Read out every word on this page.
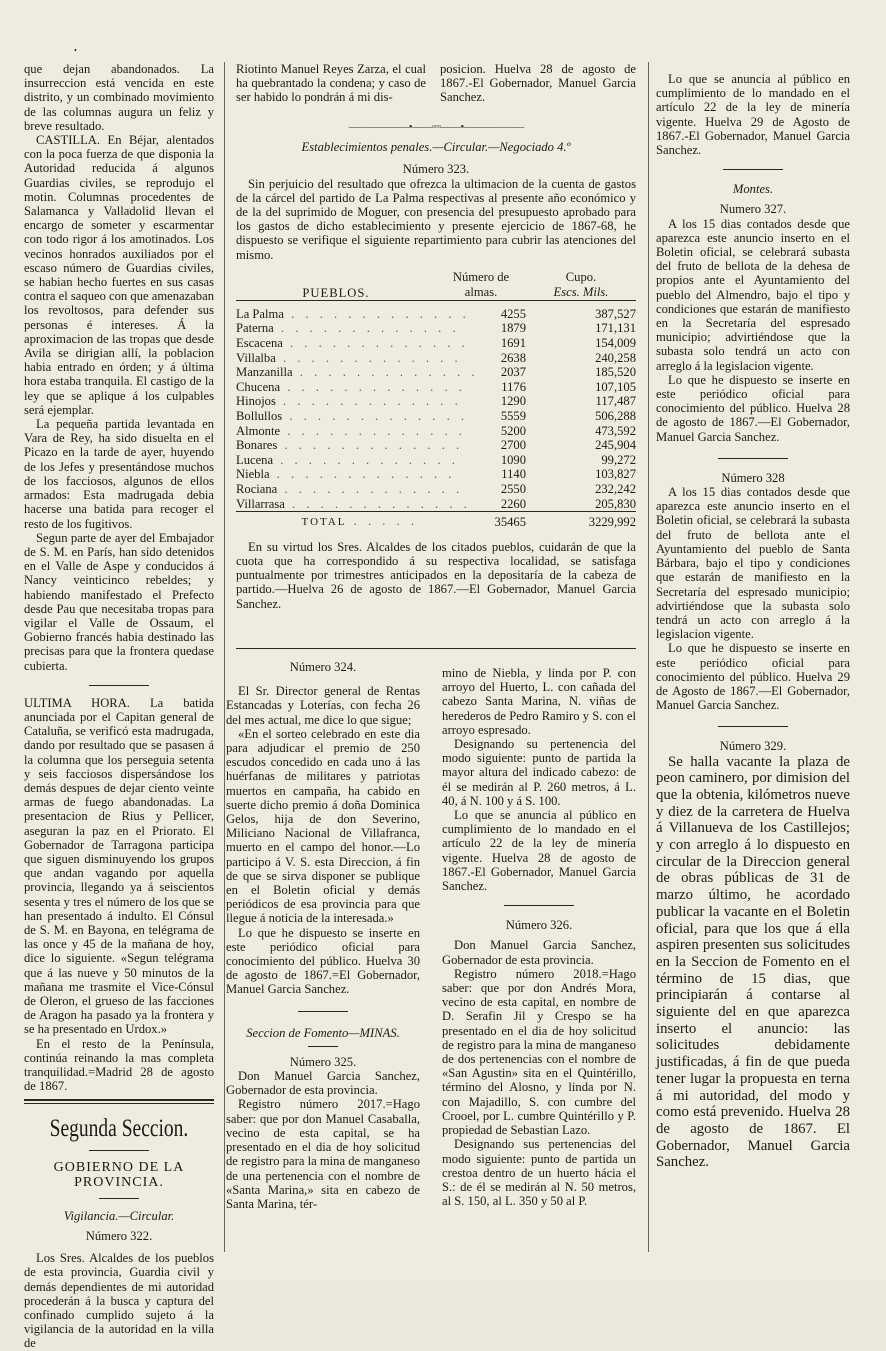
•

que dejan abandonados. La insurreccion está vencida en este distrito, y un combinado movimiento de las columnas augura un feliz y breve resultado.

CASTILLA. En Béjar, alentados con la poca fuerza de que disponia la Autoridad reducida á algunos Guardias civiles, se reprodujo el motin. Columnas procedentes de Salamanca y Valladolid llevan el encargo de someter y escarmentar con todo rigor á los amotinados. Los vecinos honrados auxiliados por el escaso número de Guardias civiles, se habian hecho fuertes en sus casas contra el saqueo con que amenazaban los revoltosos, para defender sus personas é intereses. Á la aproximacion de las tropas que desde Avila se dirigian allí, la poblacion habia entrado en órden; y á última hora estaba tranquila. El castigo de la ley que se aplique á los culpables será ejemplar.

La pequeña partida levantada en Vara de Rey, ha sido disuelta en el Picazo en la tarde de ayer, huyendo de los Jefes y presentándose muchos de los facciosos, algunos de ellos armados: Esta madrugada debia hacerse una batida para recoger el resto de los fugitivos.

Segun parte de ayer del Embajador de S. M. en París, han sido detenidos en el Valle de Aspe y conducidos á Nancy veinticinco rebeldes; y habiendo manifestado el Prefecto desde Pau que necesitaba tropas para vigilar el Valle de Ossaum, el Gobierno francés habia destinado las precisas para que la frontera quedase cubierta.

ULTIMA HORA. La batida anunciada por el Capitan general de Cataluña, se verificó esta madrugada, dando por resultado que se pasasen á la columna que los perseguia setenta y seis facciosos dispersándose los demás despues de dejar ciento veinte armas de fuego abandonadas. La presentacion de Rius y Pellicer, aseguran la paz en el Priorato. El Gobernador de Tarragona participa que siguen disminuyendo los grupos que andan vagando por aquella provincia, llegando ya á seiscientos sesenta y tres el número de los que se han presentado á indulto. El Cónsul de S. M. en Bayona, en telégrama de las once y 45 de la mañana de hoy, dice lo siguiente. «Segun telégrama que á las nueve y 50 minutos de la mañana me trasmite el Vice-Cónsul de Oleron, el grueso de las facciones de Aragon ha pasado ya la frontera y se ha presentado en Urdox.»

En el resto de la Península, continúa reinando la mas completa tranquilidad.=Madrid 28 de agosto de 1867.

Segunda Seccion.
GOBIERNO DE LA PROVINCIA.

Vigilancia.—Circular.

Número 322.

Los Sres. Alcaldes de los pueblos de esta provincia, Guardia civil y demás dependientes de mi autoridad procederán á la busca y captura del confinado cumplido sujeto á la vigilancia de la autoridad en la villa de

Riotinto Manuel Reyes Zarza, el cual ha quebrantado la condena; y caso de ser habido lo pondrán á mi dis-

posicion. Huelva 28 de agosto de 1867.-El Gobernador, Manuel Garcia Sanchez.

——————•——◦◦◦——•——————

Establecimientos penales.—Circular.—Negociado 4.º

Número 323.

Sin perjuicio del resultado que ofrezca la ultimacion de la cuenta de gastos de la cárcel del partido de La Palma respectivas al presente año económico y de la del suprimido de Moguer, con presencia del presupuesto aprobado para los gastos de dicho establecimiento y presente ejercicio de 1867-68, he dispuesto se verifique el siguiente repartimiento para cubrir las atenciones del mismo.

PUEBLOS.	Número de almas.	Cupo.
Escs. Mils.

La Palma . . . . . . . . . . . . .	4255	387,527
Paterna . . . . . . . . . . . . .	1879	171,131
Escacena . . . . . . . . . . . . .	1691	154,009
Villalba . . . . . . . . . . . . .	2638	240,258
Manzanilla . . . . . . . . . . . . .	2037	185,520
Chucena . . . . . . . . . . . . .	1176	107,105
Hinojos . . . . . . . . . . . . .	1290	117,487
Bollullos . . . . . . . . . . . . .	5559	506,288
Almonte . . . . . . . . . . . . .	5200	473,592
Bonares . . . . . . . . . . . . .	2700	245,904
Lucena . . . . . . . . . . . . .	1090	99,272
Niebla . . . . . . . . . . . . .	1140	103,827
Rociana . . . . . . . . . . . . .	2550	232,242
Villarrasa . . . . . . . . . . . . .	2260	205,830
TOTAL . . . . .	35465	3229,992

En su virtud los Sres. Alcaldes de los citados pueblos, cuidarán de que la cuota que ha correspondido á su respectiva localidad, se satisfaga puntualmente por trimestres anticipados en la depositaría de la cabeza de partido.—Huelva 26 de agosto de 1867.—El Gobernador, Manuel Garcia Sanchez.

Número 324.

El Sr. Director general de Rentas Estancadas y Loterías, con fecha 26 del mes actual, me dice lo que sigue;

«En el sorteo celebrado en este dia para adjudicar el premio de 250 escudos concedido en cada uno á las huérfanas de militares y patriotas muertos en campaña, ha cabido en suerte dicho premio á doña Dominica Gelos, hija de don Severino, Miliciano Nacional de Villafranca, muerto en el campo del honor.—Lo participo á V. S. esta Direccion, á fin de que se sirva disponer se publique en el Boletin oficial y demás periódicos de esa provincia para que llegue á noticia de la interesada.»

Lo que he dispuesto se inserte en este periódico oficial para conocimiento del público. Huelva 30 de agosto de 1867.=El Gobernador, Manuel Garcia Sanchez.

Seccion de Fomento—MINAS.

Número 325.

Don Manuel Garcia Sanchez, Gobernador de esta provincia.

Registro número 2017.=Hago saber: que por don Manuel Casaballa, vecino de esta capital, se ha presentado en el dia de hoy solicitud de registro para la mina de manganeso de una pertenencia con el nombre de «Santa Marina,» sita en cabezo de Santa Marina, tér-

mino de Niebla, y linda por P. con arroyo del Huerto, L. con cañada del cabezo Santa Marina, N. viñas de herederos de Pedro Ramiro y S. con el arroyo espresado.

Designando su pertenencia del modo siguiente: punto de partida la mayor altura del indicado cabezo: de él se medirán al P. 260 metros, á L. 40, á N. 100 y á S. 100.

Lo que se anuncia al público en cumplimiento de lo mandado en el artículo 22 de la ley de minería vigente. Huelva 28 de agosto de 1867.-El Gobernador, Manuel Garcia Sanchez.

Número 326.

Don Manuel Garcia Sanchez, Gobernador de esta provincia.

Registro número 2018.=Hago saber: que por don Andrés Mora, vecino de esta capital, en nombre de D. Serafin Jil y Crespo se ha presentado en el dia de hoy solicitud de registro para la mina de manganeso de dos pertenencias con el nombre de «San Agustin» sita en el Quintérillo, término del Alosno, y linda por N. con Majadillo, S. con cumbre del Crooel, por L. cumbre Quintérillo y P. propiedad de Sebastian Lazo.

Designando sus pertenencias del modo siguiente: punto de partida un crestoa dentro de un huerto hácia el S.: de él se medirán al N. 50 metros, al S. 150, al L. 350 y 50 al P.

Lo que se anuncia al público en cumplimiento de lo mandado en el artículo 22 de la ley de minería vigente. Huelva 29 de Agosto de 1867.-El Gobernador, Manuel Garcia Sanchez.

Montes.

Numero 327.

A los 15 dias contados desde que aparezca este anuncio inserto en el Boletin oficial, se celebrará subasta del fruto de bellota de la dehesa de propios ante el Ayuntamiento del pueblo del Almendro, bajo el tipo y condiciones que estarán de manifiesto en la Secretaría del espresado municipio; advirtiéndose que la subasta solo tendrá un acto con arreglo á la legislacion vigente.

Lo que he dispuesto se inserte en este periódico oficial para conocimiento del público. Huelva 28 de agosto de 1867.—El Gobernador, Manuel Garcia Sanchez.

Número 328

A los 15 dias contados desde que aparezca este anuncio inserto en el Boletin oficial, se celebrará la subasta del fruto de bellota ante el Ayuntamiento del pueblo de Santa Bárbara, bajo el tipo y condiciones que estarán de manifiesto en la Secretaría del espresado municipio; advirtiéndose que la subasta solo tendrá un acto con arreglo á la legislacion vigente.

Lo que he dispuesto se inserte en este periódico oficial para conocimiento del público. Huelva 29 de Agosto de 1867.—El Gobernador, Manuel Garcia Sanchez.

Número 329.

Se halla vacante la plaza de peon caminero, por dimision del que la obtenia, kilómetros nueve y diez de la carretera de Huelva á Villanueva de los Castillejos; y con arreglo á lo dispuesto en circular de la Direccion general de obras públicas de 31 de marzo último, he acordado publicar la vacante en el Boletin oficial, para que los que á ella aspiren presenten sus solicitudes en la Seccion de Fomento en el término de 15 dias, que principiarán á contarse al siguiente del en que aparezca inserto el anuncio: las solicitudes debidamente justificadas, á fin de que pueda tener lugar la propuesta en terna á mi autoridad, del modo y como está prevenido. Huelva 28 de agosto de 1867. El Gobernador, Manuel Garcia Sanchez.
